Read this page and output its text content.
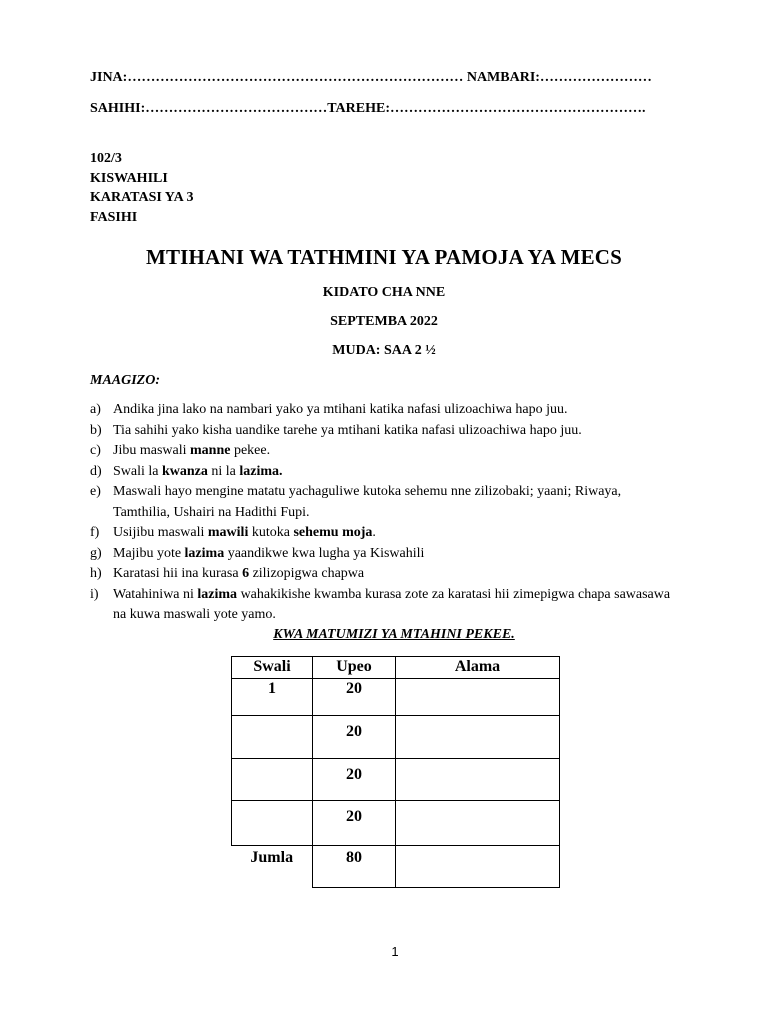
JINA:……………………………………………………………… NAMBARI:……………………
SAHIHI:…………………………………TAREHE:……………………………………………….
102/3
KISWAHILI
KARATASI YA 3
FASIHI
MTIHANI WA TATHMINI YA PAMOJA YA MECS
KIDATO CHA NNE
SEPTEMBA 2022
MUDA: SAA 2 ½
MAAGIZO:
a) Andika jina lako na nambari yako ya mtihani katika nafasi ulizoachiwa hapo juu.
b) Tia sahihi yako kisha uandike tarehe ya mtihani katika nafasi ulizoachiwa hapo juu.
c) Jibu maswali manne pekee.
d) Swali la kwanza ni la lazima.
e) Maswali hayo mengine matatu yachaguliwe kutoka sehemu nne zilizobaki; yaani; Riwaya, Tamthilia, Ushairi na Hadithi Fupi.
f) Usijibu maswali mawili kutoka sehemu moja.
g) Majibu yote lazima yaandikwe kwa lugha ya Kiswahili
h) Karatasi hii ina kurasa 6 zilizopigwa chapwa
i) Watahiniwa ni lazima wahakikishe kwamba kurasa zote za karatasi hii zimepigwa chapa sawasawa na kuwa maswali yote yamo.
KWA MATUMIZI YA MTAHINI PEKEE.
Swali	Upeo	Alama
1	20	
	20	
	20	
	20	
Jumla	80	
1
